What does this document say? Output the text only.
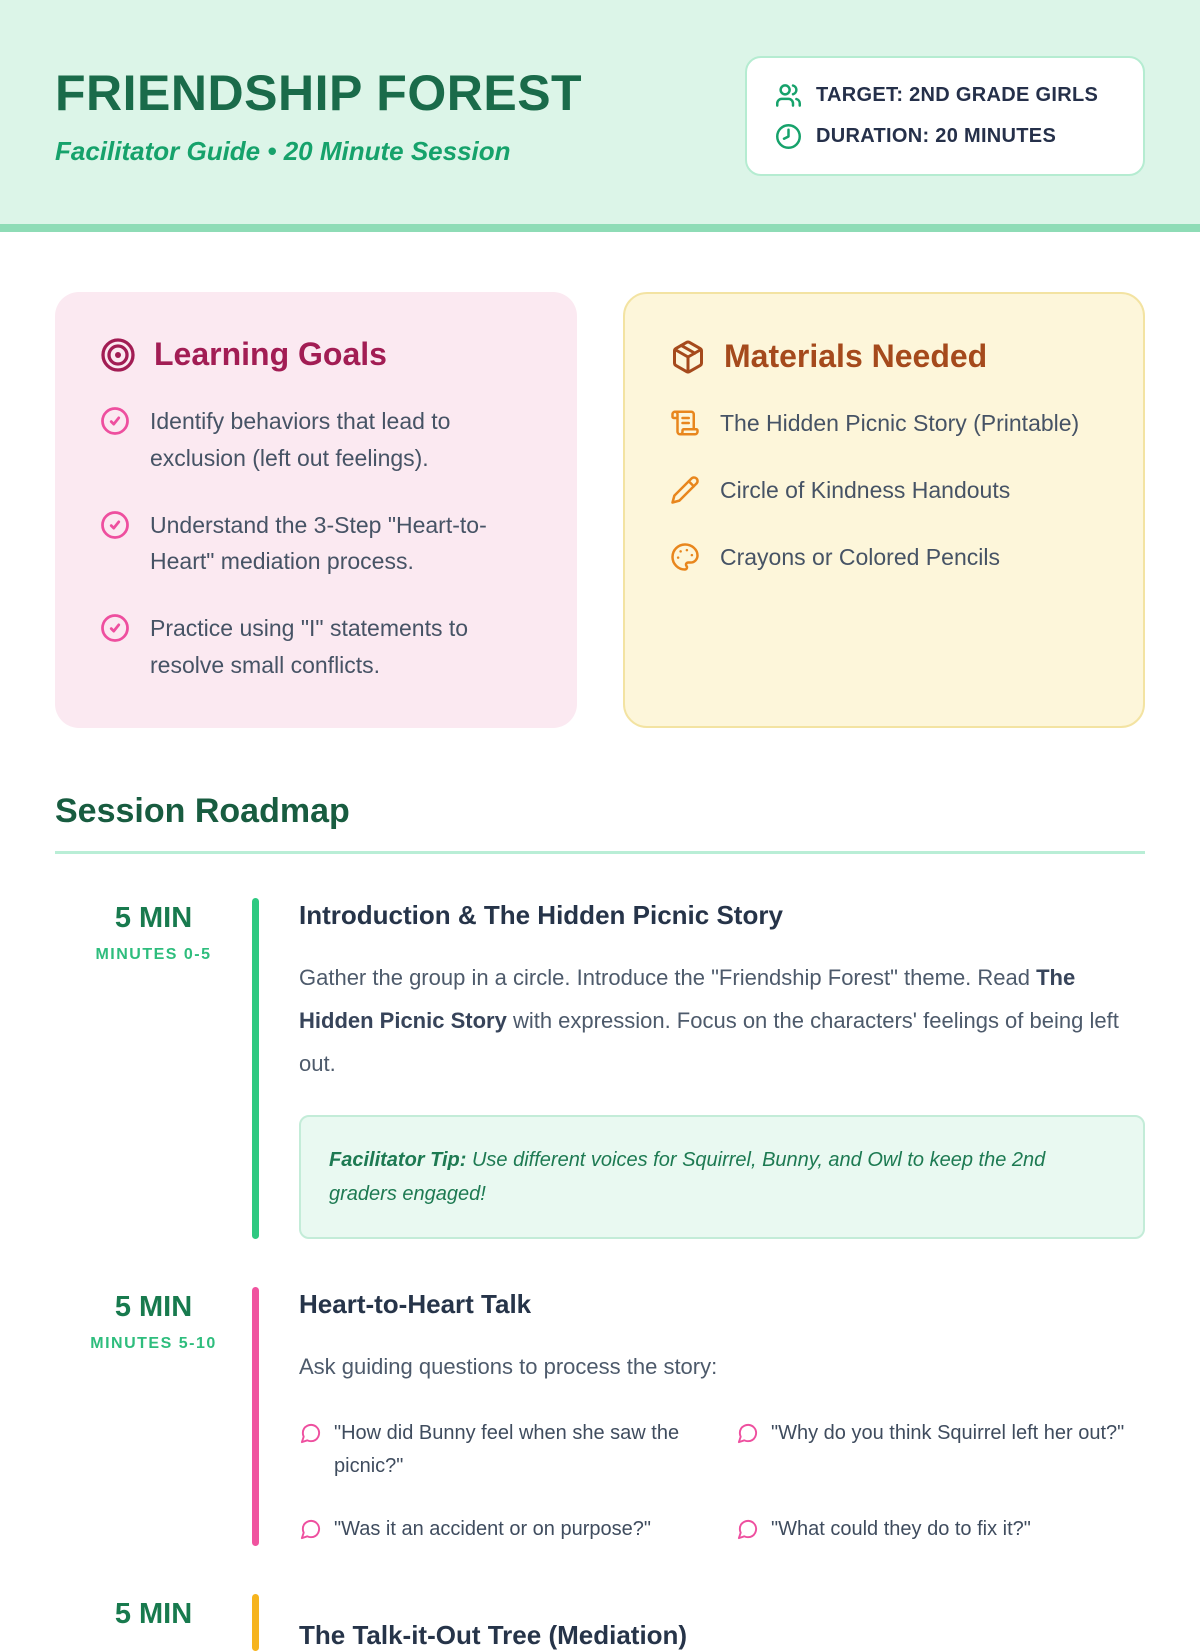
FRIENDSHIP FOREST
Facilitator Guide • 20 Minute Session
TARGET: 2ND GRADE GIRLS
DURATION: 20 MINUTES
Learning Goals
Identify behaviors that lead to exclusion (left out feelings).
Understand the 3-Step "Heart-to-Heart" mediation process.
Practice using "I" statements to resolve small conflicts.
Materials Needed
The Hidden Picnic Story (Printable)
Circle of Kindness Handouts
Crayons or Colored Pencils
Session Roadmap
5 MIN
MINUTES 0-5
Introduction & The Hidden Picnic Story
Gather the group in a circle. Introduce the "Friendship Forest" theme. Read The Hidden Picnic Story with expression. Focus on the characters' feelings of being left out.
Facilitator Tip: Use different voices for Squirrel, Bunny, and Owl to keep the 2nd graders engaged!
5 MIN
MINUTES 5-10
Heart-to-Heart Talk
Ask guiding questions to process the story:
"How did Bunny feel when she saw the picnic?"
"Why do you think Squirrel left her out?"
"Was it an accident or on purpose?"	"What could they do to fix it?"
5 MIN
The Talk-it-Out Tree (Mediation)
